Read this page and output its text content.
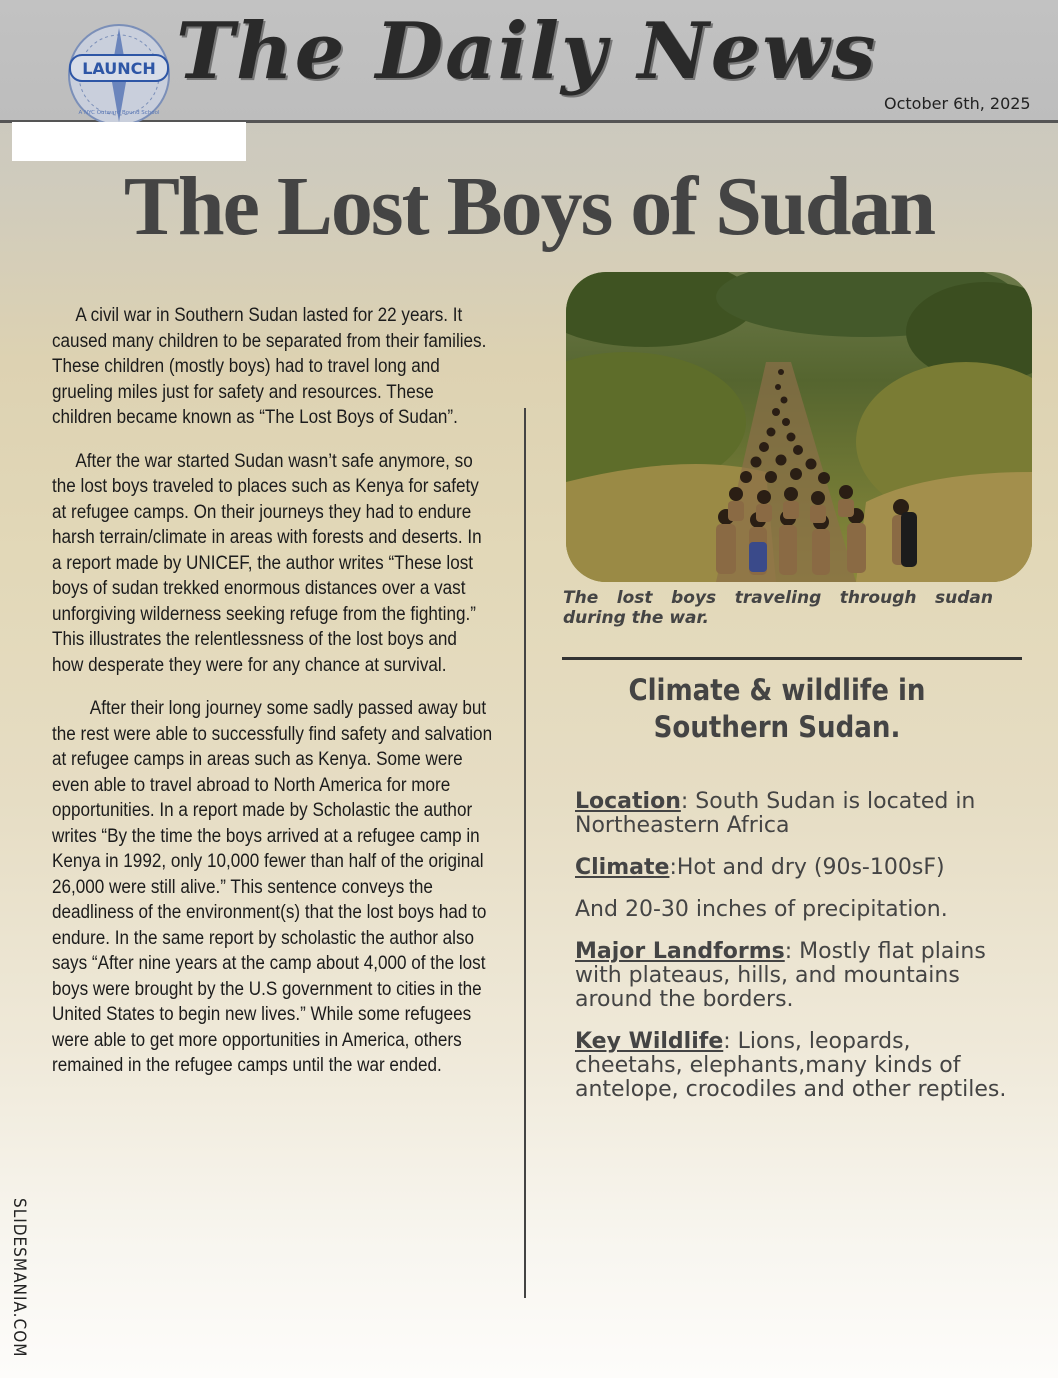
LAUNCH
A NYC Outward Bound School
The Daily News
October 6th, 2025
The Lost Boys of Sudan

A civil war in Southern Sudan lasted for 22 years. It caused many children to be separated from their families. These children (mostly boys) had to travel long and grueling miles just for safety and resources. These children became known as “The Lost Boys of Sudan”.

After the war started Sudan wasn’t safe anymore, so the lost boys traveled to places such as Kenya for safety at refugee camps. On their journeys they had to endure harsh terrain/climate in areas with forests and deserts. In a report made by UNICEF, the author writes “These lost boys of sudan trekked enormous distances over a vast unforgiving wilderness seeking refuge from the fighting.” This illustrates the relentlessness of the lost boys and how desperate they were for any chance at survival.

After their long journey some sadly passed away but the rest were able to successfully find safety and salvation at refugee camps in areas such as Kenya. Some were even able to travel abroad to North America for more opportunities. In a report made by Scholastic the author writes “By the time the boys arrived at a refugee camp in Kenya in 1992, only 10,000 fewer than half of the original 26,000 were still alive.” This sentence conveys the deadliness of the environment(s) that the lost boys had to endure. In the same report by scholastic the author also says “After nine years at the camp about 4,000 of the lost boys were brought by the U.S government to cities in the United States to begin new lives.” While some refugees were able to get more opportunities in America, others remained in the refugee camps until the war ended.

The lost boys traveling through sudan during the war.
Climate & wildlife in Southern Sudan.

Location: South Sudan is located in Northeastern Africa

Climate:Hot and dry (90s-100sF)

And 20-30 inches of precipitation.

Major Landforms: Mostly flat plains with plateaus, hills, and mountains around the borders.

Key Wildlife: Lions, leopards, cheetahs, elephants,many kinds of antelope, crocodiles and other reptiles.

SLIDESMANIA.COM
